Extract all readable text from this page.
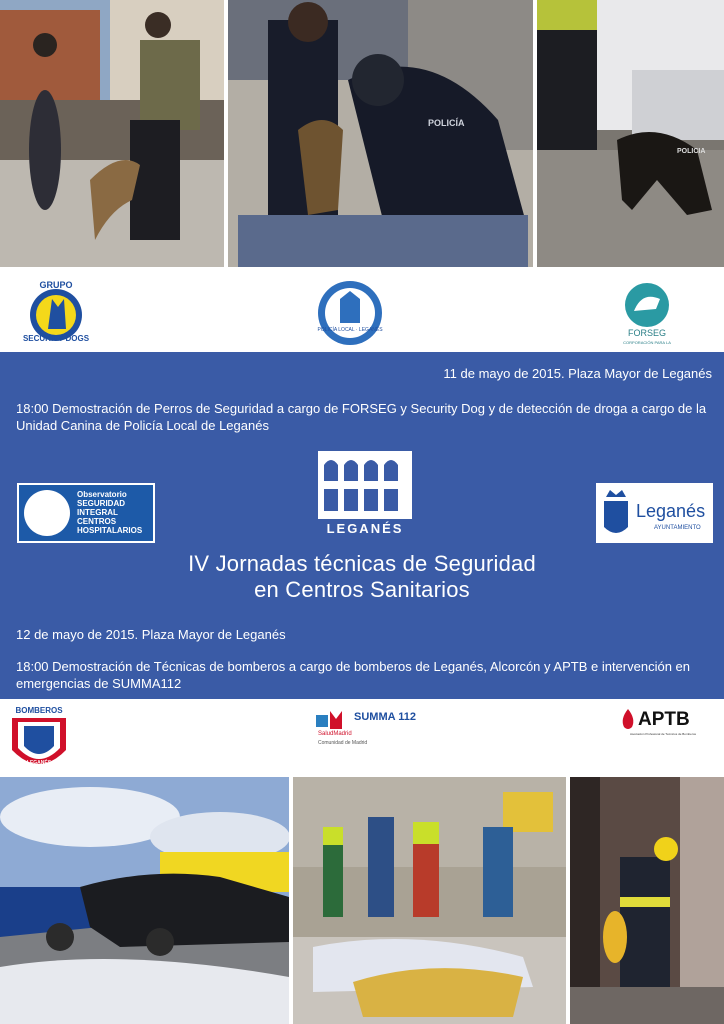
POLICÍA
POLICIA
GRUPO
SECURITY DOGS
POLICÍA LOCAL · LEGANÉS	FORSEG
CORPORACIÓN PARA LA
11 de mayo de 2015. Plaza Mayor de Leganés
18:00 Demostración de Perros de Seguridad a cargo de FORSEG y Security Dog y de detección de droga a cargo de la Unidad Canina de Policía Local de Leganés
Observatorio
SEGURIDAD
INTEGRAL
CENTROS
HOSPITALARIOS	LEGANÉS
Leganés
AYUNTAMIENTO
IV Jornadas técnicas de Seguridad
en Centros Sanitarios
12 de mayo de 2015. Plaza Mayor de Leganés
18:00 Demostración de Técnicas de bomberos a cargo de bomberos de Leganés, Alcorcón y APTB e intervención en emergencias de SUMMA112
BOMBEROS
LEGANÉS
SUMMA 112
SaludMadrid
Comunidad de Madrid
APTB
Asociación Profesional de Técnicos de Bomberos
